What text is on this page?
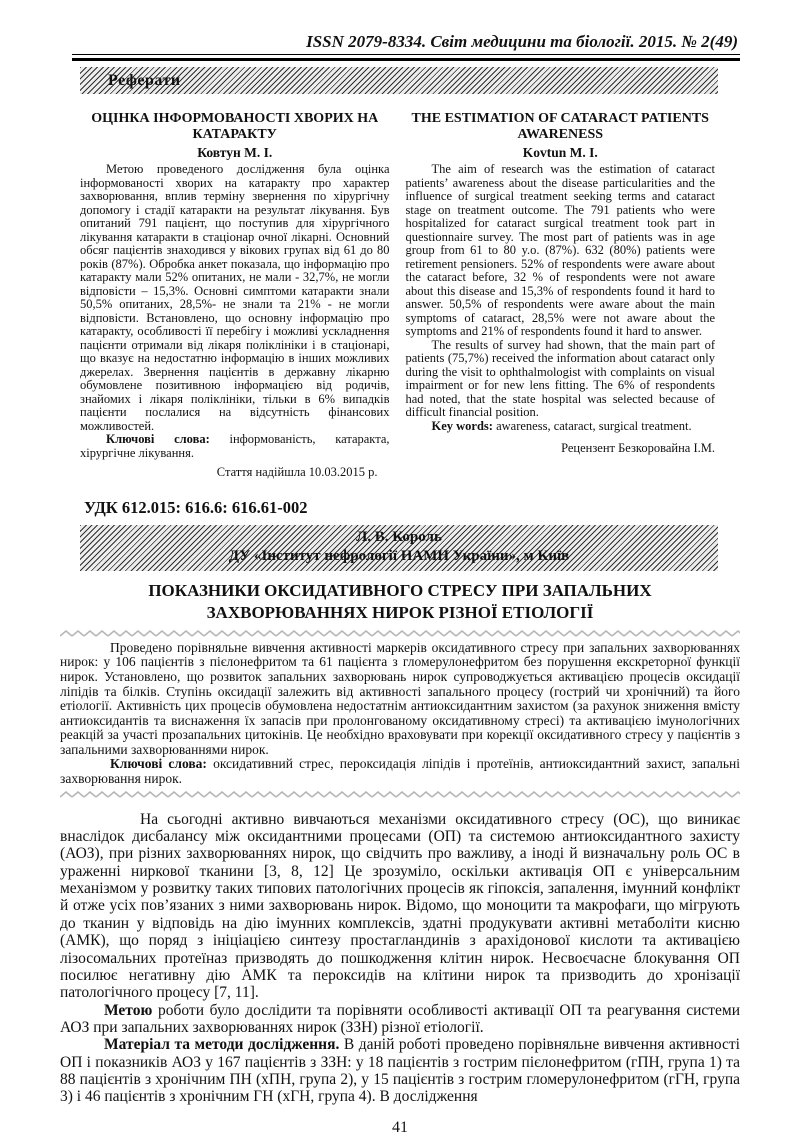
ISSN 2079-8334. Світ медицини та біології. 2015. № 2(49)
Реферати
ОЦІНКА ІНФОРМОВАНОСТІ ХВОРИХ НА КАТАРАКТУ
Ковтун М. І.

Метою проведеного дослідження була оцінка інформованості хворих на катаракту про характер захворювання, вплив терміну звернення по хірургічну допомогу і стадії катаракти на результат лікування. Був опитаний 791 пацієнт, що поступив для хірургічного лікування катаракти в стаціонар очної лікарні. Основний обсяг пацієнтів знаходився у вікових групах від 61 до 80 років (87%). Обробка анкет показала, що інформацію про катаракту мали 52% опитаних, не мали - 32,7%, не могли відповісти – 15,3%. Основні симптоми катаракти знали 50,5% опитаних, 28,5%- не знали та 21% - не могли відповісти. Встановлено, що основну інформацію про катаракту, особливості її перебігу і можливі ускладнення пацієнти отримали від лікаря поліклініки і в стаціонарі, що вказує на недостатню інформацію в інших можливих джерелах. Звернення пацієнтів в державну лікарню обумовлене позитивною інформацією від родичів, знайомих і лікаря поліклініки, тільки в 6% випадків пацієнти послалися на відсутність фінансових можливостей.

Ключові слова: інформованість, катаракта, хірургічне лікування.

Стаття надійшла 10.03.2015 р.
THE ESTIMATION OF CATARACT PATIENTS AWARENESS
Kovtun M. I.

The aim of research was the estimation of cataract patients’ awareness about the disease particularities and the influence of surgical treatment seeking terms and cataract stage on treatment outcome. The 791 patients who were hospitalized for cataract surgical treatment took part in questionnaire survey. The most part of patients was in age group from 61 to 80 y.o. (87%). 632 (80%) patients were retirement pensioners. 52% of respondents were aware about the cataract before, 32 % of respondents were not aware about this disease and 15,3% of respondents found it hard to answer. 50,5% of respondents were aware about the main symptoms of cataract, 28,5% were not aware about the symptoms and 21% of respondents found it hard to answer.

The results of survey had shown, that the main part of patients (75,7%) received the information about cataract only during the visit to ophthalmologist with complaints on visual impairment or for new lens fitting. The 6% of respondents had noted, that the state hospital was selected because of difficult financial position.

Key words: awareness, cataract, surgical treatment.

Рецензент Безкоровайна І.М.
УДК 612.015: 616.6: 616.61-002
Л. В. Король
ДУ «Інститут нефрології НАМН України», м Київ
ПОКАЗНИКИ ОКСИДАТИВНОГО СТРЕСУ ПРИ ЗАПАЛЬНИХ ЗАХВОРЮВАННЯХ НИРОК РІЗНОЇ ЕТІОЛОГІЇ

Проведено порівняльне вивчення активності маркерів оксидативного стресу при запальних захворюваннях нирок: у 106 пацієнтів з пієлонефритом та 61 пацієнта з гломерулонефритом без порушення екскреторної функції нирок. Установлено, що розвиток запальних захворювань нирок супроводжується активацією процесів оксидації ліпідів та білків. Ступінь оксидації залежить від активності запального процесу (гострий чи хронічний) та його етіології. Активність цих процесів обумовлена недостатнім антиоксидантним захистом (за рахунок зниження вмісту антиоксидантів та виснаження їх запасів при пролонгованому оксидативному стресі) та активацією імунологічних реакцій за участі прозапальних цитокінів. Це необхідно враховувати при корекції оксидативного стресу у пацієнтів з запальними захворюваннями нирок.

Ключові слова: оксидативний стрес, пероксидація ліпідів і протеїнів, антиоксидантний захист, запальні захворювання нирок.

На сьогодні активно вивчаються механізми оксидативного стресу (ОС), що виникає внаслідок дисбалансу між оксидантними процесами (ОП) та системою антиоксидантного захисту (АОЗ), при різних захворюваннях нирок, що свідчить про важливу, а іноді й визначальну роль ОС в ураженні ниркової тканини [3, 8, 12] Це зрозуміло, оскільки активація ОП є універсальним механізмом у розвитку таких типових патологічних процесів як гіпоксія, запалення, імунний конфлікт й отже усіх пов’язаних з ними захворювань нирок. Відомо, що моноцити та макрофаги, що мігрують до тканин у відповідь на дію імунних комплексів, здатні продукувати активні метаболіти кисню (АМК), що поряд з ініціацією синтезу простагландинів з арахідонової кислоти та активацією лізосомальних протеїназ призводять до пошкодження клітин нирок. Несвоєчасне блокування ОП посилює негативну дію АМК та пероксидів на клітини нирок та призводить до хронізації патологічного процесу [7, 11].

Метою роботи було дослідити та порівняти особливості активації ОП та реагування системи АОЗ при запальних захворюваннях нирок (ЗЗН) різної етіології.

Матеріал та методи дослідження. В даній роботі проведено порівняльне вивчення активності ОП і показників АОЗ у 167 пацієнтів з ЗЗН: у 18 пацієнтів з гострим пієлонефритом (гПН, група 1) та 88 пацієнтів з хронічним ПН (хПН, група 2), у 15 пацієнтів з гострим гломерулонефритом (гГН, група 3) і 46 пацієнтів з хронічним ГН (хГН, група 4). В дослідження

41
